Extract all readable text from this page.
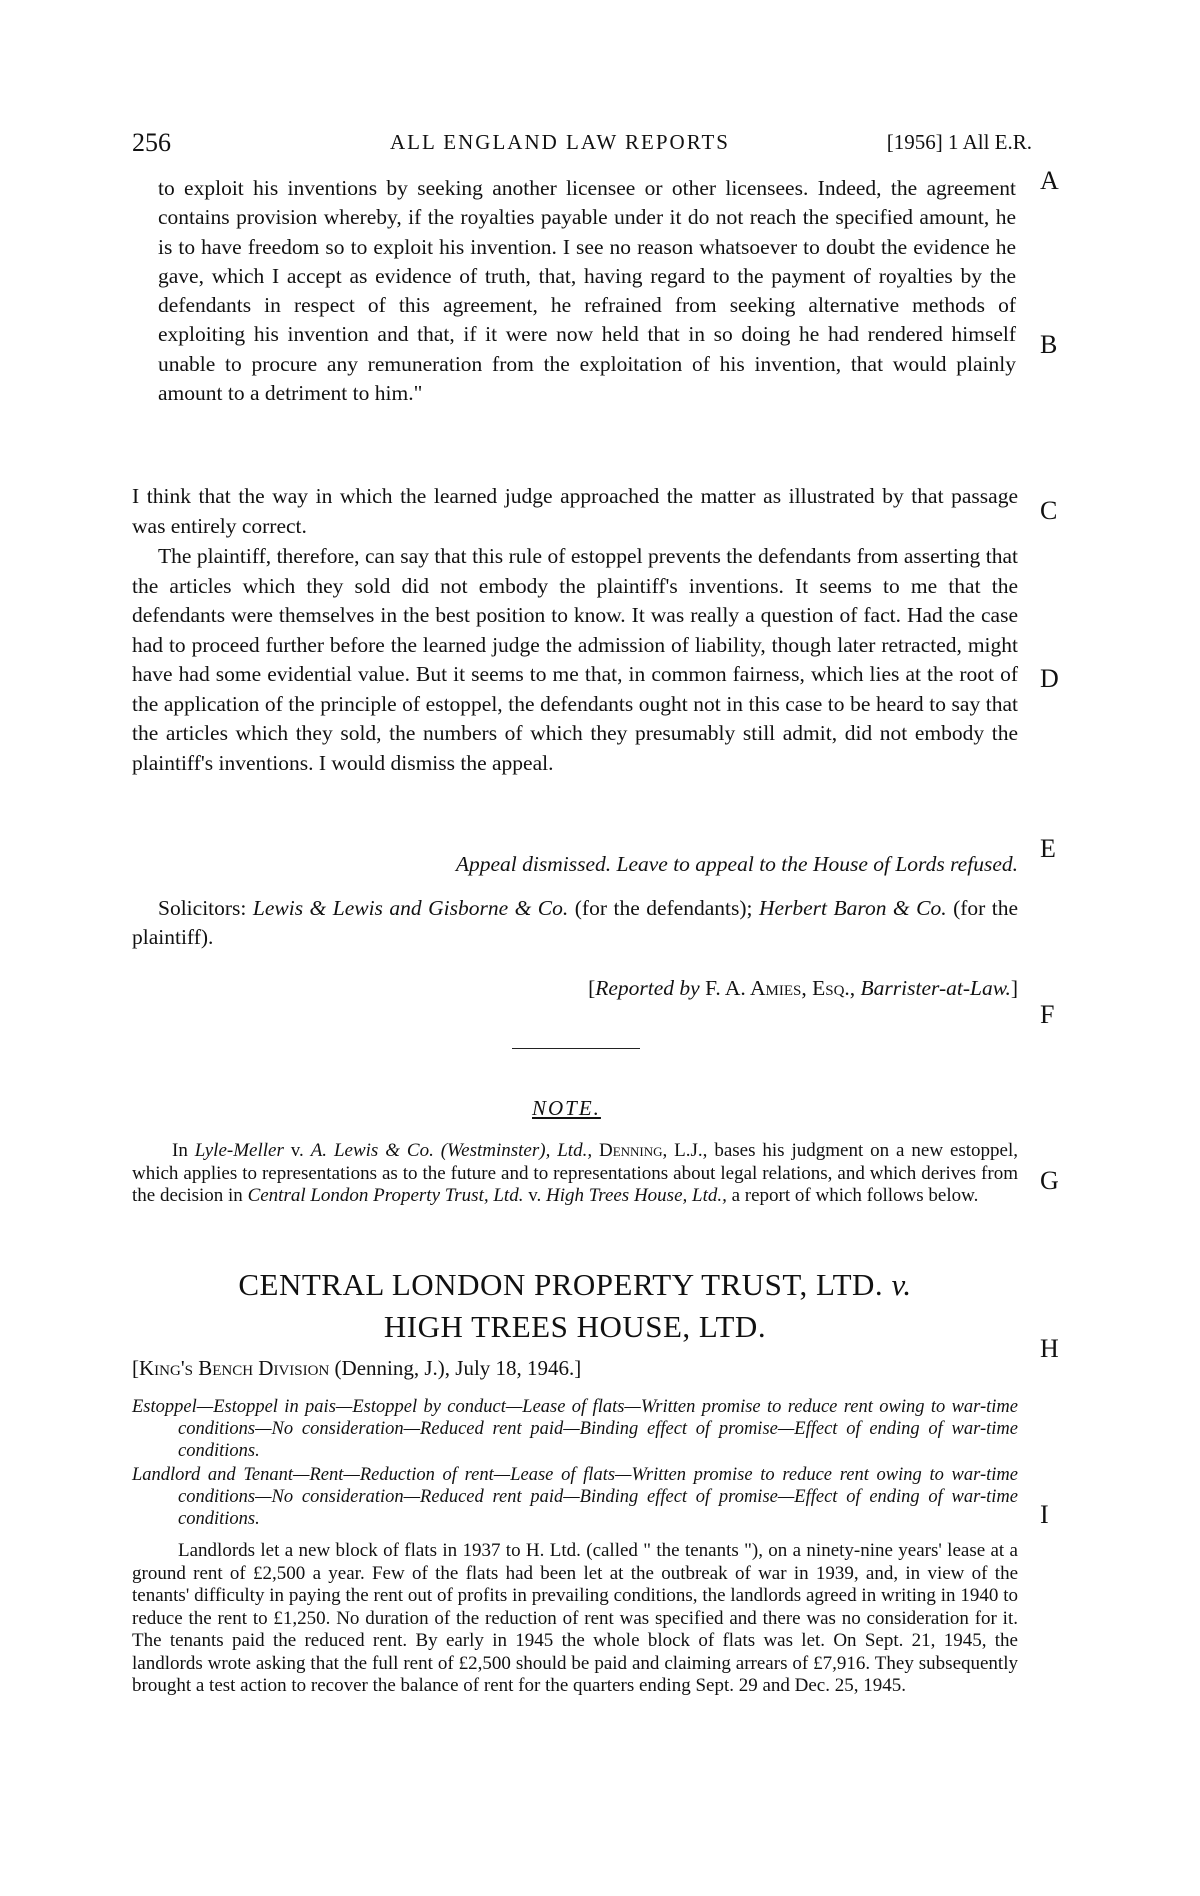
256	ALL ENGLAND LAW REPORTS	[1956] 1 All E.R.
A
B
C
D
E
F
G
H
I
to exploit his inventions by seeking another licensee or other licensees. Indeed, the agreement contains provision whereby, if the royalties payable under it do not reach the specified amount, he is to have freedom so to exploit his invention. I see no reason whatsoever to doubt the evidence he gave, which I accept as evidence of truth, that, having regard to the payment of royalties by the defendants in respect of this agreement, he refrained from seeking alternative methods of exploiting his invention and that, if it were now held that in so doing he had rendered himself unable to procure any remuneration from the exploitation of his invention, that would plainly amount to a detriment to him."
I think that the way in which the learned judge approached the matter as illustrated by that passage was entirely correct.
The plaintiff, therefore, can say that this rule of estoppel prevents the defendants from asserting that the articles which they sold did not embody the plaintiff's inventions. It seems to me that the defendants were themselves in the best position to know. It was really a question of fact. Had the case had to proceed further before the learned judge the admission of liability, though later retracted, might have had some evidential value. But it seems to me that, in common fairness, which lies at the root of the application of the principle of estoppel, the defendants ought not in this case to be heard to say that the articles which they sold, the numbers of which they presumably still admit, did not embody the plaintiff's inventions. I would dismiss the appeal.
Appeal dismissed. Leave to appeal to the House of Lords refused.
Solicitors: Lewis & Lewis and Gisborne & Co. (for the defendants); Herbert Baron & Co. (for the plaintiff).
[Reported by F. A. Amies, Esq., Barrister-at-Law.]
NOTE.
In Lyle-Meller v. A. Lewis & Co. (Westminster), Ltd., Denning, L.J., bases his judgment on a new estoppel, which applies to representations as to the future and to representations about legal relations, and which derives from the decision in Central London Property Trust, Ltd. v. High Trees House, Ltd., a report of which follows below.
CENTRAL LONDON PROPERTY TRUST, LTD. v.
HIGH TREES HOUSE, LTD.
[King's Bench Division (Denning, J.), July 18, 1946.]
Estoppel—Estoppel in pais—Estoppel by conduct—Lease of flats—Written promise to reduce rent owing to war-time conditions—No consideration—Reduced rent paid—Binding effect of promise—Effect of ending of war-time conditions.
Landlord and Tenant—Rent—Reduction of rent—Lease of flats—Written promise to reduce rent owing to war-time conditions—No consideration—Reduced rent paid—Binding effect of promise—Effect of ending of war-time conditions.
Landlords let a new block of flats in 1937 to H. Ltd. (called " the tenants "), on a ninety-nine years' lease at a ground rent of £2,500 a year. Few of the flats had been let at the outbreak of war in 1939, and, in view of the tenants' difficulty in paying the rent out of profits in prevailing conditions, the landlords agreed in writing in 1940 to reduce the rent to £1,250. No duration of the reduction of rent was specified and there was no consideration for it. The tenants paid the reduced rent. By early in 1945 the whole block of flats was let. On Sept. 21, 1945, the landlords wrote asking that the full rent of £2,500 should be paid and claiming arrears of £7,916. They subsequently brought a test action to recover the balance of rent for the quarters ending Sept. 29 and Dec. 25, 1945.
